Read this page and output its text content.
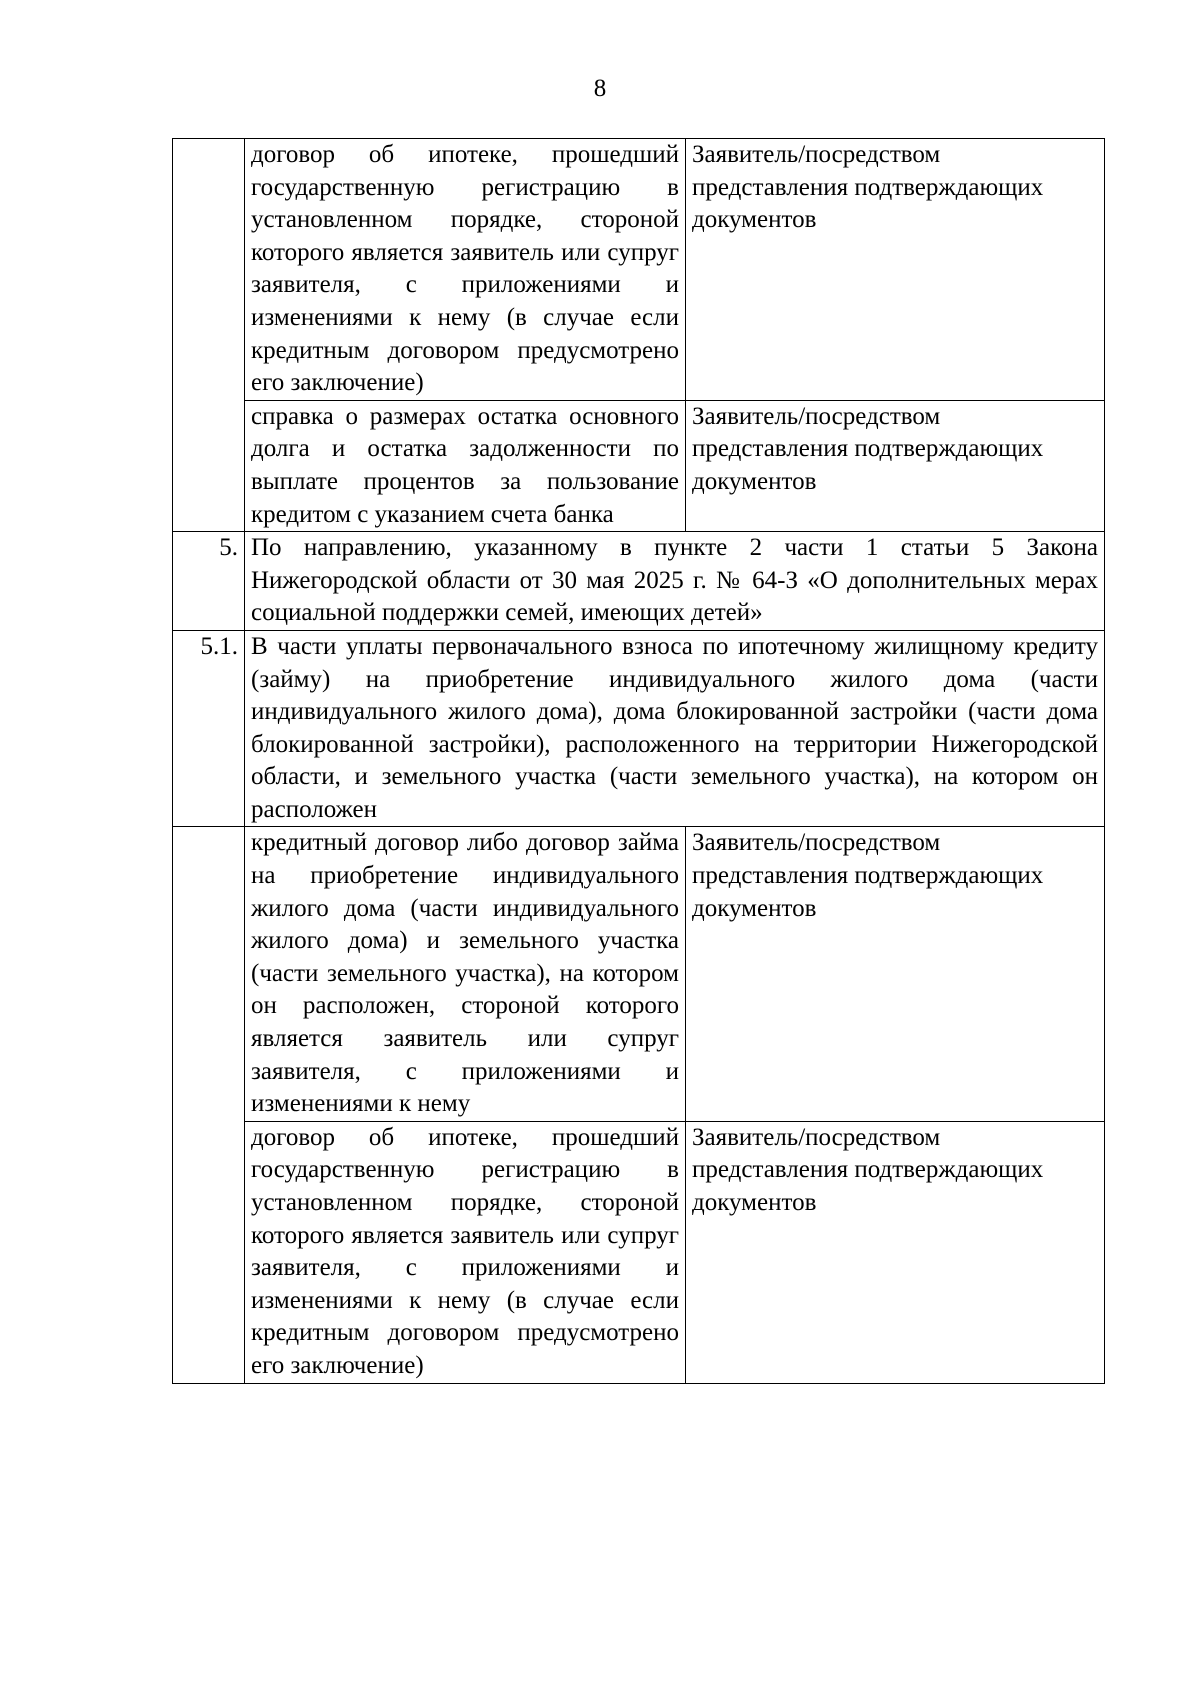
8
	договор об ипотеке, прошедший государственную регистрацию в установленном порядке, стороной которого является заявитель или супруг заявителя, с приложениями и изменениями к нему (в случае если кредитным договором предусмотрено его заключение)	Заявитель/посредством представления подтверждающих документов
	справка о размерах остатка основного долга и остатка задолженности по выплате процентов за пользование кредитом с указанием счета банка	Заявитель/посредством представления подтверждающих документов
5.	По направлению, указанному в пункте 2 части 1 статьи 5 Закона Нижегородской области от 30 мая 2025 г. № 64-З «О дополнительных мерах социальной поддержки семей, имеющих детей»	
5.1.	В части уплаты первоначального взноса по ипотечному жилищному кредиту (займу) на приобретение индивидуального жилого дома (части индивидуального жилого дома), дома блокированной застройки (части дома блокированной застройки), расположенного на территории Нижегородской области, и земельного участка (части земельного участка), на котором он расположен	
	кредитный договор либо договор займа на приобретение индивидуального жилого дома (части индивидуального жилого дома) и земельного участка (части земельного участка), на котором он расположен, стороной которого является заявитель или супруг заявителя, с приложениями и изменениями к нему	Заявитель/посредством представления подтверждающих документов
	договор об ипотеке, прошедший государственную регистрацию в установленном порядке, стороной которого является заявитель или супруг заявителя, с приложениями и изменениями к нему (в случае если кредитным договором предусмотрено его заключение)	Заявитель/посредством представления подтверждающих документов
